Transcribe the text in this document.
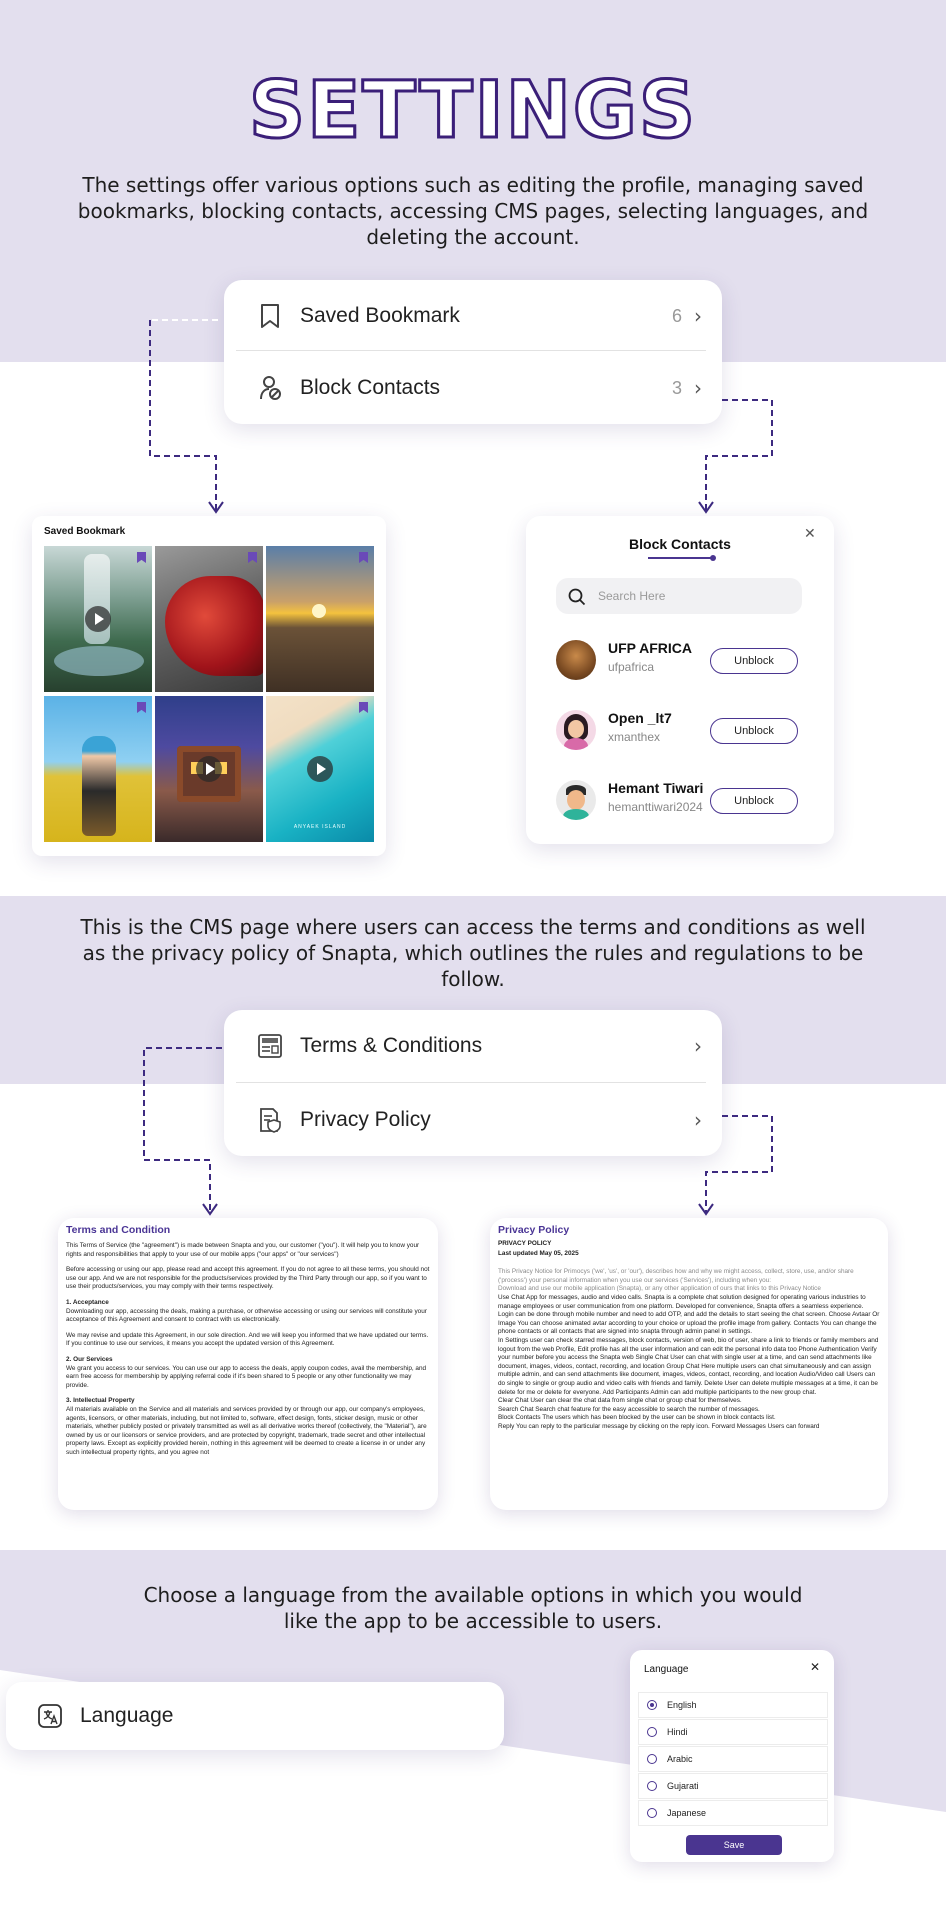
SETTINGS
The settings offer various options such as editing the profile, managing saved bookmarks, blocking contacts, accessing CMS pages, selecting languages, and deleting the account.
Saved Bookmark	6 ›
Block Contacts	3 ›
Saved Bookmark
ANYAEK ISLAND
Block Contacts
✕
Search Here
UFP AFRICA
ufpafrica	Unblock
Open _lt7
xmanthex	Unblock
Hemant Tiwari
hemanttiwari2024	Unblock
This is the CMS page where users can access the terms and conditions as well as the privacy policy of Snapta, which outlines the rules and regulations to be follow.
Terms & Conditions	›
Privacy Policy	›
Terms and Condition

This Terms of Service (the "agreement") is made between Snapta and you, our customer ("you"). It will help you to know your rights and responsibilities that apply to your use of our mobile apps ("our apps" or "our services")

Before accessing or using our app, please read and accept this agreement. If you do not agree to all these terms, you should not use our app. And we are not responsible for the products/services provided by the Third Party through our app, so if you want to use their products/services, you may comply with their terms respectively.

1. Acceptance
Downloading our app, accessing the deals, making a purchase, or otherwise accessing or using our services will constitute your acceptance of this Agreement and consent to contract with us electronically.

We may revise and update this Agreement, in our sole direction. And we will keep you informed that we have updated our terms. If you continue to use our services, it means you accept the updated version of this Agreement.

2. Our Services
We grant you access to our services. You can use our app to access the deals, apply coupon codes, avail the membership, and earn free access for membership by applying referral code if it's been shared to 5 people or any other functionality we may provide.

3. Intellectual Property
All materials available on the Service and all materials and services provided by or through our app, our company's employees, agents, licensors, or other materials, including, but not limited to, software, effect design, fonts, sticker design, music or other materials, whether publicly posted or privately transmitted as well as all derivative works thereof (collectively, the "Material"), are owned by us or our licensors or service providers, and are protected by copyright, trademark, trade secret and other intellectual property laws. Except as explicitly provided herein, nothing in this agreement will be deemed to create a license in or under any such intellectual property rights, and you agree not

Privacy Policy

PRIVACY POLICY

Last updated May 05, 2025

This Privacy Notice for Primocys ('we', 'us', or 'our'), describes how and why we might access, collect, store, use, and/or share ('process') your personal information when you use our services ('Services'), including when you:

Download and use our mobile application (Snapta), or any other application of ours that links to this Privacy Notice

Use Chat App for messages, audio and video calls. Snapta is a complete chat solution designed for operating various industries to manage employees or user communication from one platform. Developed for convenience, Snapta offers a seamless experience.

Login can be done through mobile number and need to add OTP, and add the details to start seeing the chat screen. Choose Avtaar Or Image You can choose animated avtar according to your choice or upload the profile image from gallery. Contacts You can change the phone contacts or all contacts that are signed into snapta through admin panel in settings.

In Settings user can check starred messages, block contacts, version of web, bio of user, share a link to friends or family members and logout from the web Profile, Edit profile has all the user information and can edit the personal info data too Phone Authentication Verify your number before you access the Snapta web Single Chat User can chat with single user at a time, and can send attachments like document, images, videos, contact, recording, and location Group Chat Here multiple users can chat simultaneously and can assign multiple admin, and can send attachments like document, images, videos, contact, recording, and location Audio/Video call Users can do single to single or group audio and video calls with friends and family. Delete User can delete multiple messages at a time, it can be delete for me or delete for everyone. Add Participants Admin can add multiple participants to the new group chat.

Clear Chat User can clear the chat data from single chat or group chat for themselves.

Search Chat Search chat feature for the easy accessible to search the number of messages.

Block Contacts The users which has been blocked by the user can be shown in block contacts list.

Reply You can reply to the particular message by clicking on the reply icon. Forward Messages Users can forward

Choose a language from the available options in which you would like the app to be accessible to users.
Language
Language	✕
English
Hindi
Arabic
Gujarati
Japanese
Save
